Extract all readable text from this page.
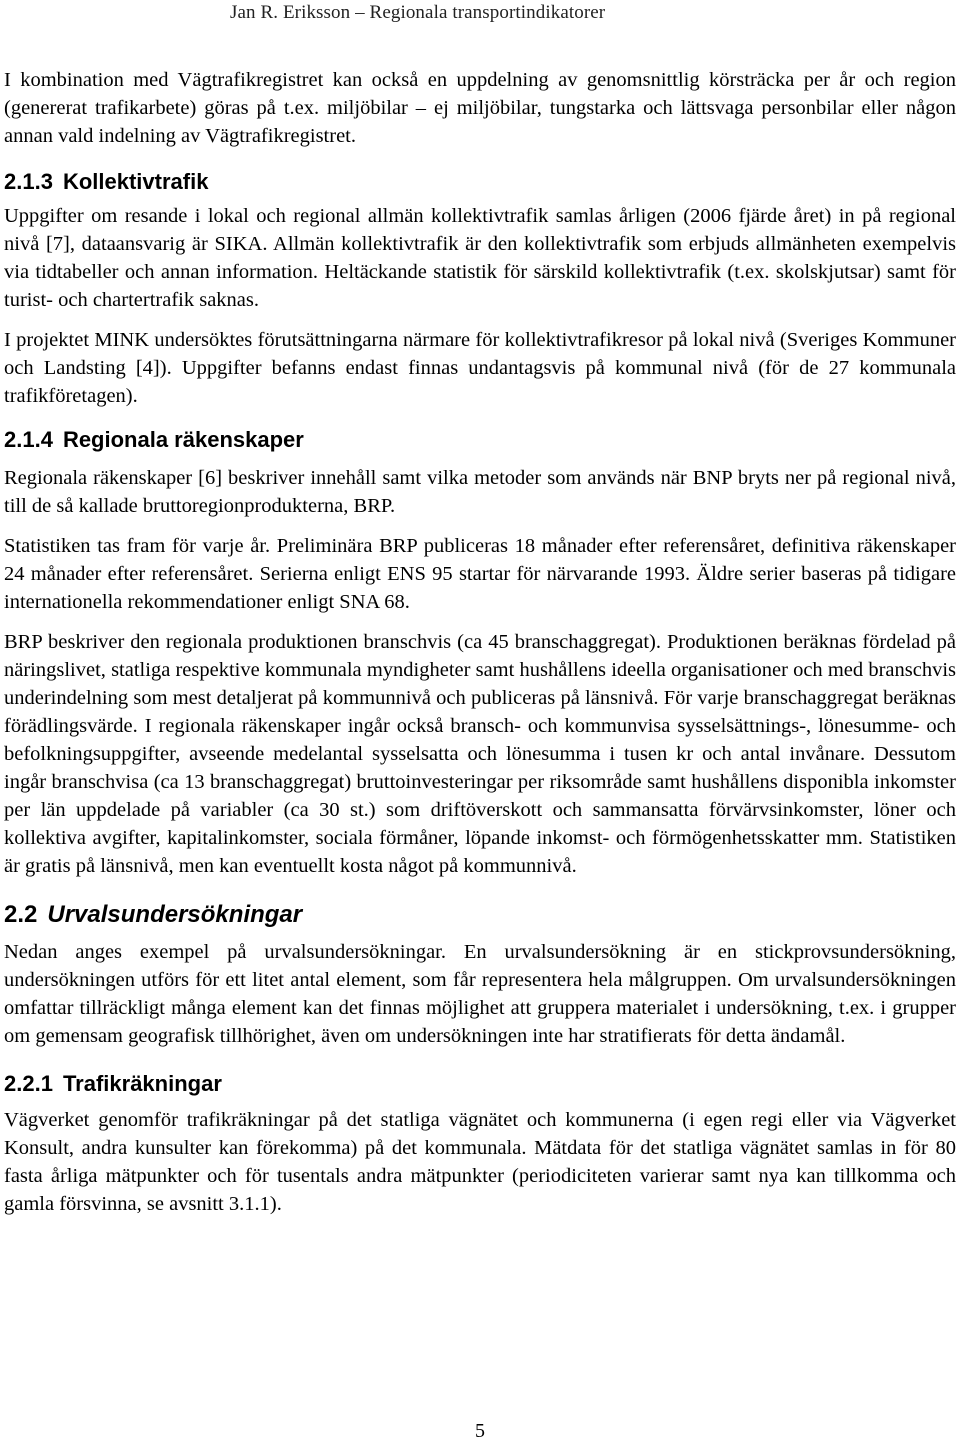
Jan R. Eriksson – Regionala transportindikatorer

I kombination med Vägtrafikregistret kan också en uppdelning av genomsnittlig körsträcka per år och region (genererat trafikarbete) göras på t.ex. miljöbilar – ej miljöbilar, tungstarka och lättsvaga personbilar eller någon annan vald indelning av Vägtrafikregistret.

2.1.3 Kollektivtrafik

Uppgifter om resande i lokal och regional allmän kollektivtrafik samlas årligen (2006 fjärde året) in på regional nivå [7], dataansvarig är SIKA. Allmän kollektivtrafik är den kollektivtrafik som erbjuds allmänheten exempelvis via tidtabeller och annan information. Heltäckande statistik för särskild kollektivtrafik (t.ex. skolskjutsar) samt för turist- och chartertrafik saknas.

I projektet MINK undersöktes förutsättningarna närmare för kollektivtrafikresor på lokal nivå (Sveriges Kommuner och Landsting [4]). Uppgifter befanns endast finnas undantagsvis på kommunal nivå (för de 27 kommunala trafikföretagen).

2.1.4 Regionala räkenskaper

Regionala räkenskaper [6] beskriver innehåll samt vilka metoder som används när BNP bryts ner på regional nivå, till de så kallade bruttoregionprodukterna, BRP.

Statistiken tas fram för varje år. Preliminära BRP publiceras 18 månader efter referensåret, definitiva räkenskaper 24 månader efter referensåret. Serierna enligt ENS 95 startar för närvarande 1993. Äldre serier baseras på tidigare internationella rekommendationer enligt SNA 68.

BRP beskriver den regionala produktionen branschvis (ca 45 branschaggregat). Produktionen beräknas fördelad på näringslivet, statliga respektive kommunala myndigheter samt hushållens ideella organisationer och med branschvis underindelning som mest detaljerat på kommunnivå och publiceras på länsnivå. För varje branschaggregat beräknas förädlingsvärde. I regionala räkenskaper ingår också bransch- och kommunvisa sysselsättnings-, lönesumme- och befolkningsuppgifter, avseende medelantal sysselsatta och lönesumma i tusen kr och antal invånare. Dessutom ingår branschvisa (ca 13 branschaggregat) bruttoinvesteringar per riksområde samt hushållens disponibla inkomster per län uppdelade på variabler (ca 30 st.) som driftöverskott och sammansatta förvärvsinkomster, löner och kollektiva avgifter, kapitalinkomster, sociala förmåner, löpande inkomst- och förmögenhetsskatter mm. Statistiken är gratis på länsnivå, men kan eventuellt kosta något på kommunnivå.

2.2 Urvalsundersökningar

Nedan anges exempel på urvalsundersökningar. En urvalsundersökning är en stickprovsundersökning, undersökningen utförs för ett litet antal element, som får representera hela målgruppen. Om urvalsundersökningen omfattar tillräckligt många element kan det finnas möjlighet att gruppera materialet i undersökning, t.ex. i grupper om gemensam geografisk tillhörighet, även om undersökningen inte har stratifierats för detta ändamål.

2.2.1 Trafikräkningar

Vägverket genomför trafikräkningar på det statliga vägnätet och kommunerna (i egen regi eller via Vägverket Konsult, andra kunsulter kan förekomma) på det kommunala. Mätdata för det statliga vägnätet samlas in för 80 fasta årliga mätpunkter och för tusentals andra mätpunkter (periodiciteten varierar samt nya kan tillkomma och gamla försvinna, se avsnitt 3.1.1).

5
